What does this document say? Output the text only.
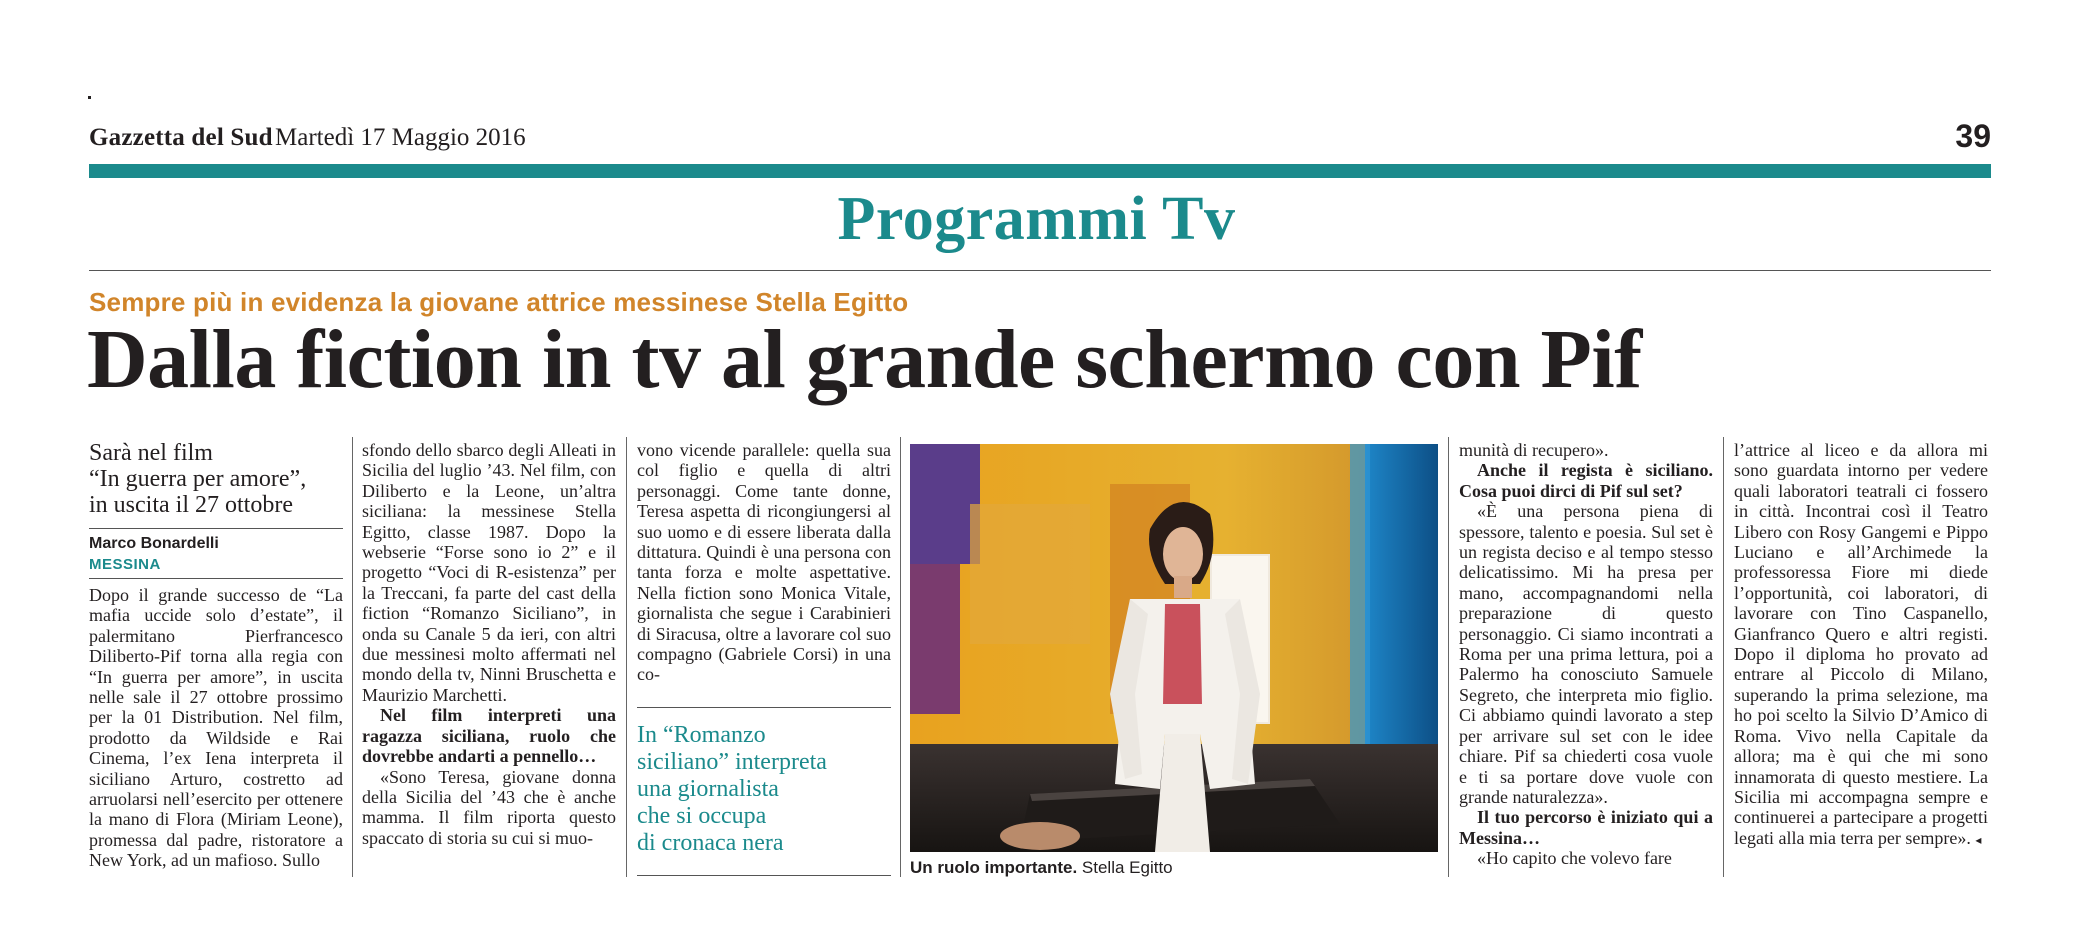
Gazzetta del Sud Martedì 17 Maggio 2016	39
Programmi Tv
Sempre più in evidenza la giovane attrice messinese Stella Egitto
Dalla fiction in tv al grande schermo con Pif
Sarà nel film
“In guerra per amore”,
in uscita il 27 ottobre
Marco Bonardelli
MESSINA

Dopo il grande successo de “La mafia uccide solo d’estate”, il palermitano Pierfrancesco Diliberto-Pif torna alla regia con “In guerra per amore”, in uscita nelle sale il 27 ottobre prossimo per la 01 Distribution. Nel film, prodotto da Wildside e Rai Cinema, l’ex Iena interpreta il siciliano Arturo, costretto ad arruolarsi nell’esercito per ottenere la mano di Flora (Miriam Leone), promessa dal padre, ristoratore a New York, ad un mafioso. Sullo

sfondo dello sbarco degli Alleati in Sicilia del luglio ’43. Nel film, con Diliberto e la Leone, un’altra siciliana: la messinese Stella Egitto, classe 1987. Dopo la webserie “Forse sono io 2” e il progetto “Voci di R-esistenza” per la Treccani, fa parte del cast della fiction “Romanzo Siciliano”, in onda su Canale 5 da ieri, con altri due messinesi molto affermati nel mondo della tv, Ninni Bruschetta e Maurizio Marchetti.

Nel film interpreti una ragazza siciliana, ruolo che dovrebbe andarti a pennello…

«Sono Teresa, giovane donna della Sicilia del ’43 che è anche mamma. Il film riporta questo spaccato di storia su cui si muo-

vono vicende parallele: quella sua col figlio e quella di altri personaggi. Come tante donne, Teresa aspetta di ricongiungersi al suo uomo e di essere liberata dalla dittatura. Quindi è una persona con tanta forza e molte aspettative. Nella fiction sono Monica Vitale, giornalista che segue i Carabinieri di Siracusa, oltre a lavorare col suo compagno (Gabriele Corsi) in una co-

In “Romanzo
siciliano” interpreta
una giornalista
che si occupa
di cronaca nera
Un ruolo importante. Stella Egitto

munità di recupero».

Anche il regista è siciliano. Cosa puoi dirci di Pif sul set?

«È una persona piena di spessore, talento e poesia. Sul set è un regista deciso e al tempo stesso delicatissimo. Mi ha presa per mano, accompagnandomi nella preparazione di questo personaggio. Ci siamo incontrati a Roma per una prima lettura, poi a Palermo ha conosciuto Samuele Segreto, che interpreta mio figlio. Ci abbiamo quindi lavorato a step per arrivare sul set con le idee chiare. Pif sa chiederti cosa vuole e ti sa portare dove vuole con grande naturalezza».

Il tuo percorso è iniziato qui a Messina…

«Ho capito che volevo fare

l’attrice al liceo e da allora mi sono guardata intorno per vedere quali laboratori teatrali ci fossero in città. Incontrai così il Teatro Libero con Rosy Gangemi e Pippo Luciano e all’Archimede la professoressa Fiore mi diede l’opportunità, coi laboratori, di lavorare con Tino Caspanello, Gianfranco Quero e altri registi. Dopo il diploma ho provato ad entrare al Piccolo di Milano, superando la prima selezione, ma ho poi scelto la Silvio D’Amico di Roma. Vivo nella Capitale da allora; ma è qui che mi sono innamorata di questo mestiere. La Sicilia mi accompagna sempre e continuerei a partecipare a progetti legati alla mia terra per sempre». ◂
